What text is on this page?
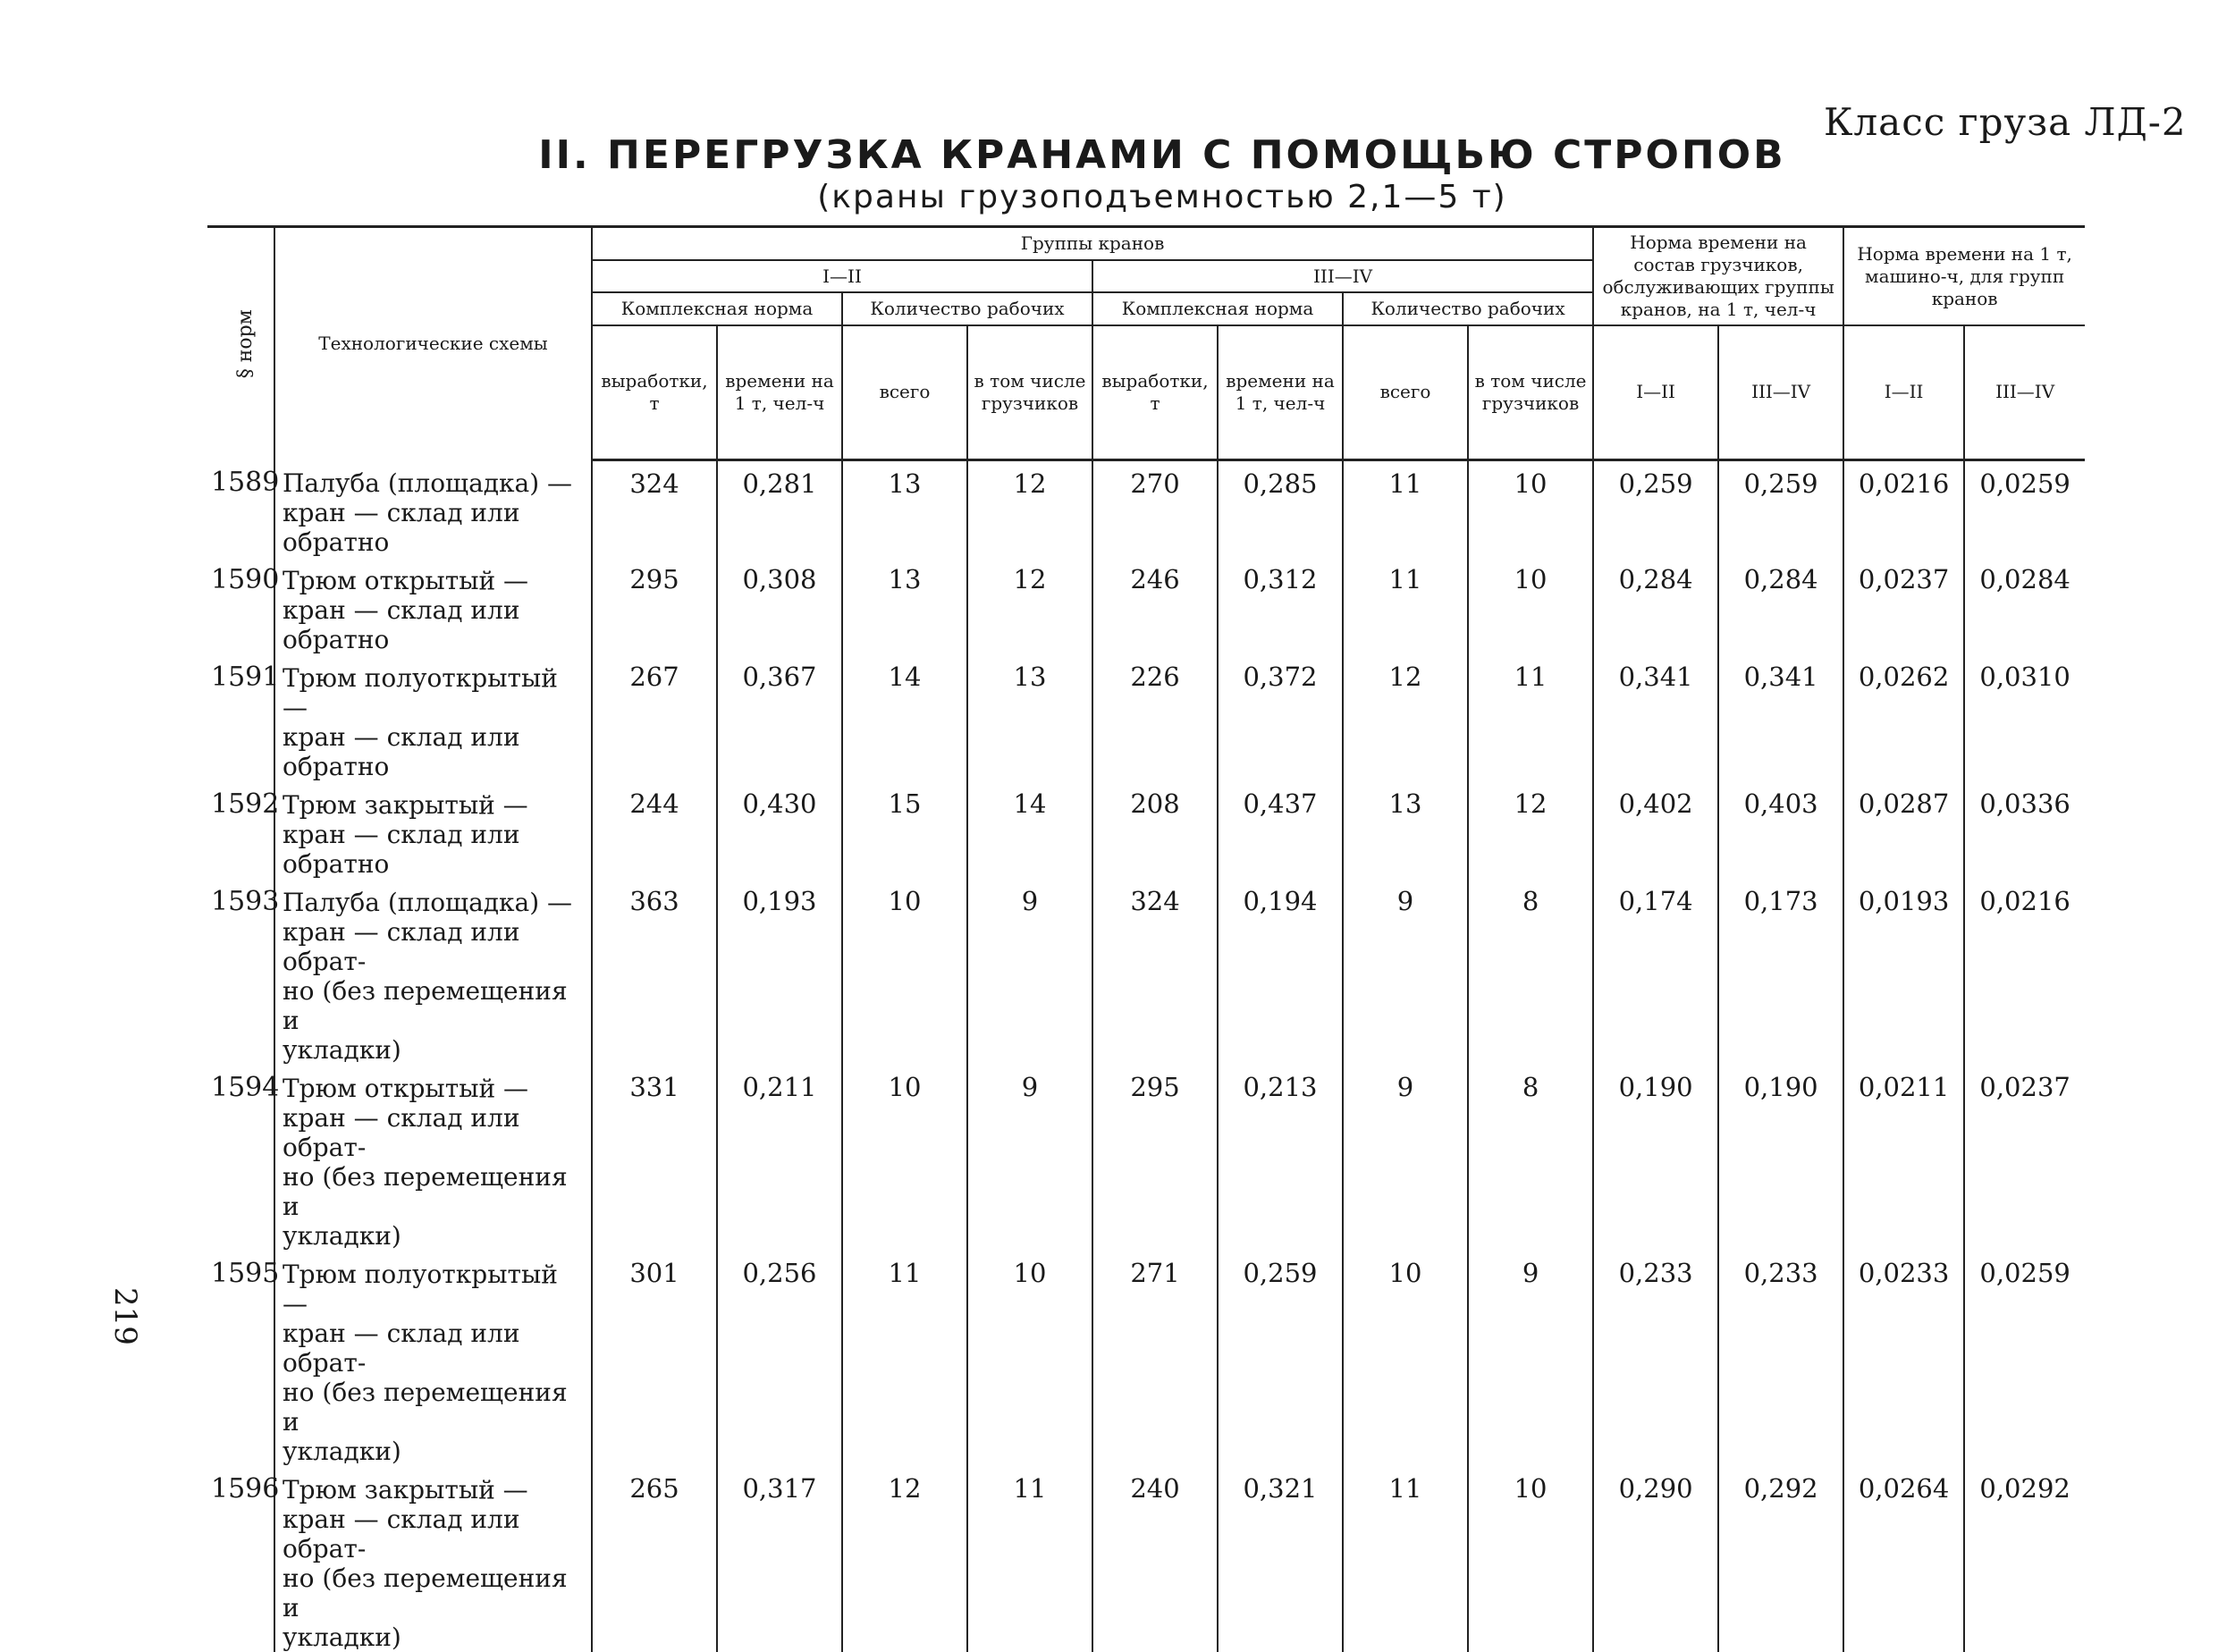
Класс груза ЛД-2
II. ПЕРЕГРУЗКА КРАНАМИ С ПОМОЩЬЮ СТРОПОВ
(краны грузоподъемностью 2,1—5 т)
§ норм	Технологические схемы	Группы кранов								Норма времени на состав грузчиков, обслуживающих группы кранов, на 1 т, чел-ч		Норма времени на 1 т, машино-ч, для групп кранов	
		I—II				III—IV							
		Комплексная норма		Количество рабочих		Комплексная норма		Количество рабочих					
		выработки, т	времени на 1 т, чел-ч	всего	в том числе грузчиков	выработки, т	времени на 1 т, чел-ч	всего	в том числе грузчиков	I—II	III—IV	I—II	III—IV
1589	Палуба (площадка) —
кран — склад или обратно	324	0,281	13	12	270	0,285	11	10	0,259	0,259	0,0216	0,0259
1590	Трюм открытый —
кран — склад или обратно	295	0,308	13	12	246	0,312	11	10	0,284	0,284	0,0237	0,0284
1591	Трюм полуоткрытый —
кран — склад или обратно	267	0,367	14	13	226	0,372	12	11	0,341	0,341	0,0262	0,0310
1592	Трюм закрытый —
кран — склад или обратно	244	0,430	15	14	208	0,437	13	12	0,402	0,403	0,0287	0,0336
1593	Палуба (площадка) —
кран — склад или обрат-
но (без перемещения и
укладки)	363	0,193	10	9	324	0,194	9	8	0,174	0,173	0,0193	0,0216
1594	Трюм открытый —
кран — склад или обрат-
но (без перемещения и
укладки)	331	0,211	10	9	295	0,213	9	8	0,190	0,190	0,0211	0,0237
1595	Трюм полуоткрытый —
кран — склад или обрат-
но (без перемещения и
укладки)	301	0,256	11	10	271	0,259	10	9	0,233	0,233	0,0233	0,0259
1596	Трюм закрытый —
кран — склад или обрат-
но (без перемещения и
укладки)	265	0,317	12	11	240	0,321	11	10	0,290	0,292	0,0264	0,0292
219
